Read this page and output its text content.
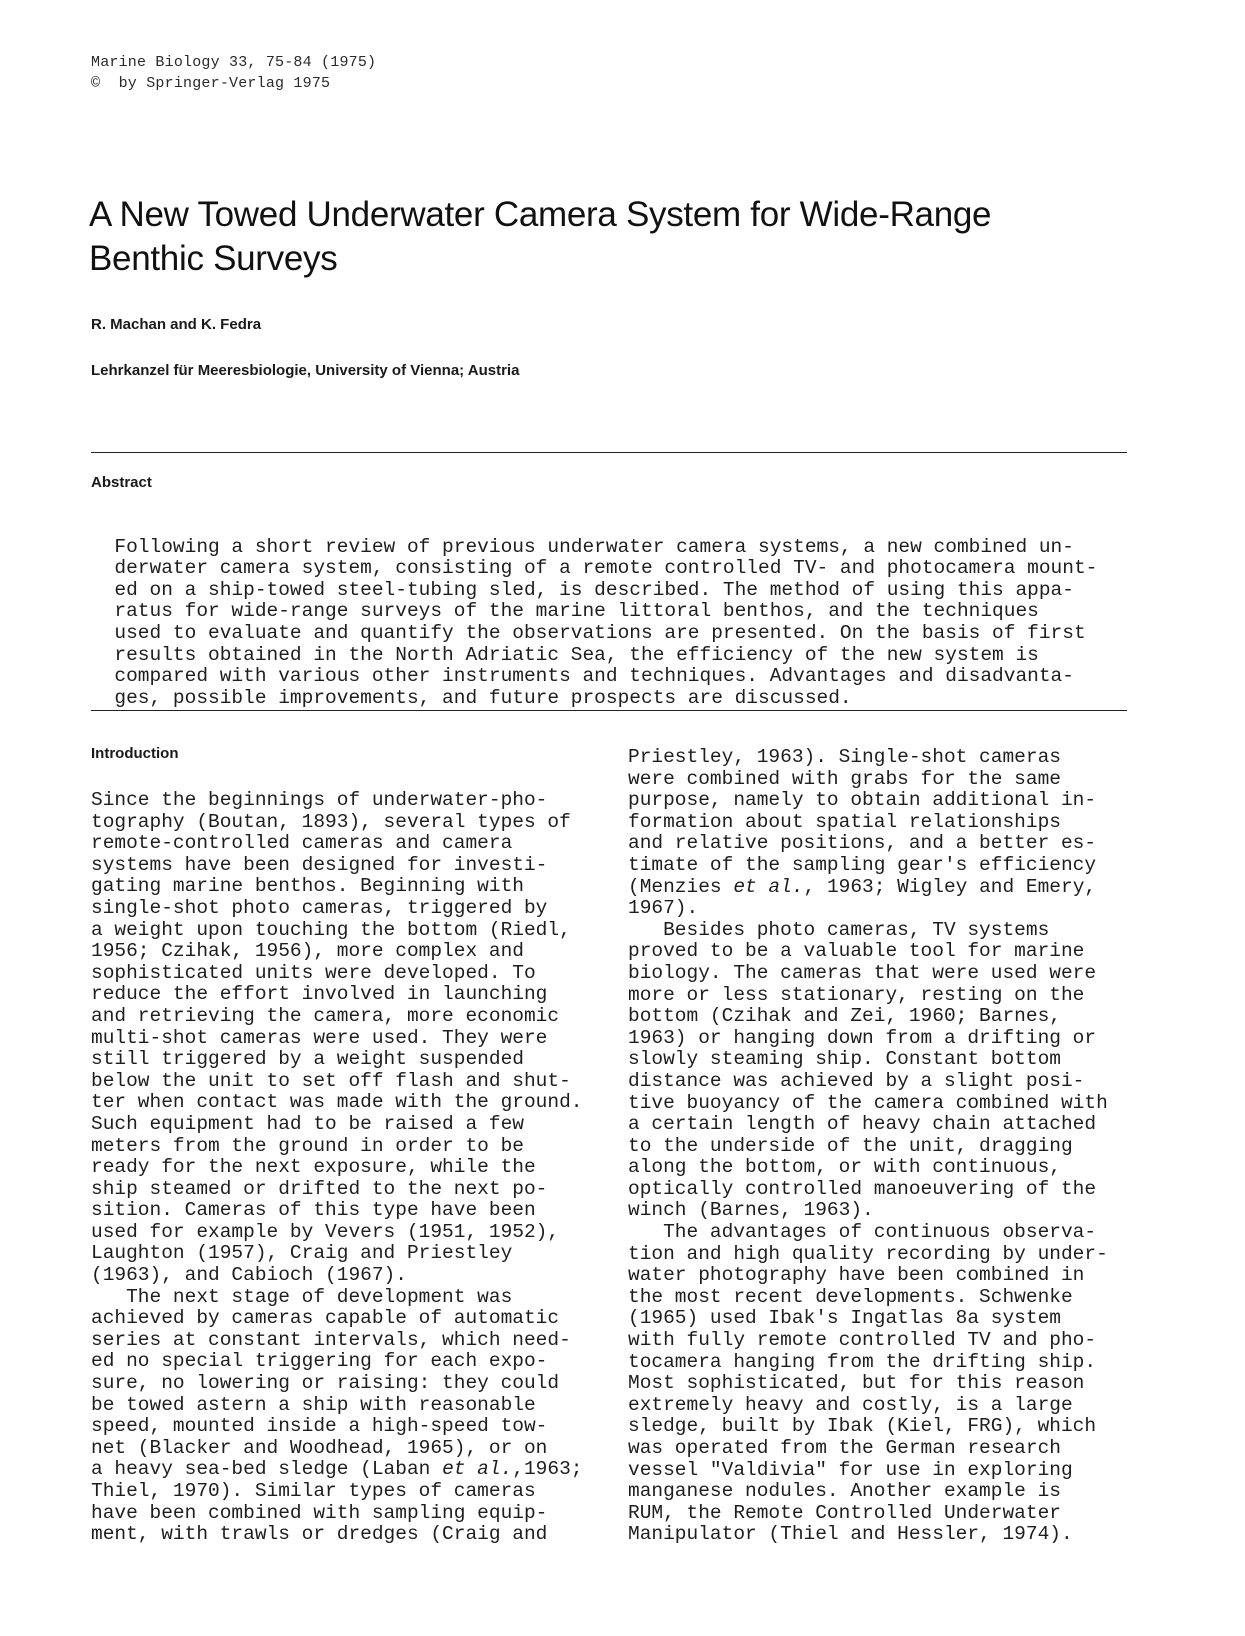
Marine Biology 33, 75-84 (1975)
©  by Springer-Verlag 1975
A New Towed Underwater Camera System for Wide-Range
Benthic Surveys
R. Machan and K. Fedra
Lehrkanzel für Meeresbiologie, University of Vienna; Austria
Abstract

Following a short review of previous underwater camera systems, a new combined un-
derwater camera system, consisting of a remote controlled TV- and photocamera mount-
ed on a ship-towed steel-tubing sled, is described. The method of using this appa-
ratus for wide-range surveys of the marine littoral benthos, and the techniques
used to evaluate and quantify the observations are presented. On the basis of first
results obtained in the North Adriatic Sea, the efficiency of the new system is
compared with various other instruments and techniques. Advantages and disadvanta-
ges, possible improvements, and future prospects are discussed.

Introduction
Since the beginnings of underwater-pho-
tography (Boutan, 1893), several types of
remote-controlled cameras and camera
systems have been designed for investi-
gating marine benthos. Beginning with
single-shot photo cameras, triggered by
a weight upon touching the bottom (Riedl,
1956; Czihak, 1956), more complex and
sophisticated units were developed. To
reduce the effort involved in launching
and retrieving the camera, more economic
multi-shot cameras were used. They were
still triggered by a weight suspended
below the unit to set off flash and shut-
ter when contact was made with the ground.
Such equipment had to be raised a few
meters from the ground in order to be
ready for the next exposure, while the
ship steamed or drifted to the next po-
sition. Cameras of this type have been
used for example by Vevers (1951, 1952),
Laughton (1957), Craig and Priestley
(1963), and Cabioch (1967).
The next stage of development was
achieved by cameras capable of automatic
series at constant intervals, which need-
ed no special triggering for each expo-
sure, no lowering or raising: they could
be towed astern a ship with reasonable
speed, mounted inside a high-speed tow-
net (Blacker and Woodhead, 1965), or on
a heavy sea-bed sledge (Laban et al.,1963;
Thiel, 1970). Similar types of cameras
have been combined with sampling equip-
ment, with trawls or dredges (Craig and
Priestley, 1963). Single-shot cameras
were combined with grabs for the same
purpose, namely to obtain additional in-
formation about spatial relationships
and relative positions, and a better es-
timate of the sampling gear's efficiency
(Menzies et al., 1963; Wigley and Emery,
1967).
Besides photo cameras, TV systems
proved to be a valuable tool for marine
biology. The cameras that were used were
more or less stationary, resting on the
bottom (Czihak and Zei, 1960; Barnes,
1963) or hanging down from a drifting or
slowly steaming ship. Constant bottom
distance was achieved by a slight posi-
tive buoyancy of the camera combined with
a certain length of heavy chain attached
to the underside of the unit, dragging
along the bottom, or with continuous,
optically controlled manoeuvering of the
winch (Barnes, 1963).
The advantages of continuous observa-
tion and high quality recording by under-
water photography have been combined in
the most recent developments. Schwenke
(1965) used Ibak's Ingatlas 8a system
with fully remote controlled TV and pho-
tocamera hanging from the drifting ship.
Most sophisticated, but for this reason
extremely heavy and costly, is a large
sledge, built by Ibak (Kiel, FRG), which
was operated from the German research
vessel "Valdivia" for use in exploring
manganese nodules. Another example is
RUM, the Remote Controlled Underwater
Manipulator (Thiel and Hessler, 1974).
